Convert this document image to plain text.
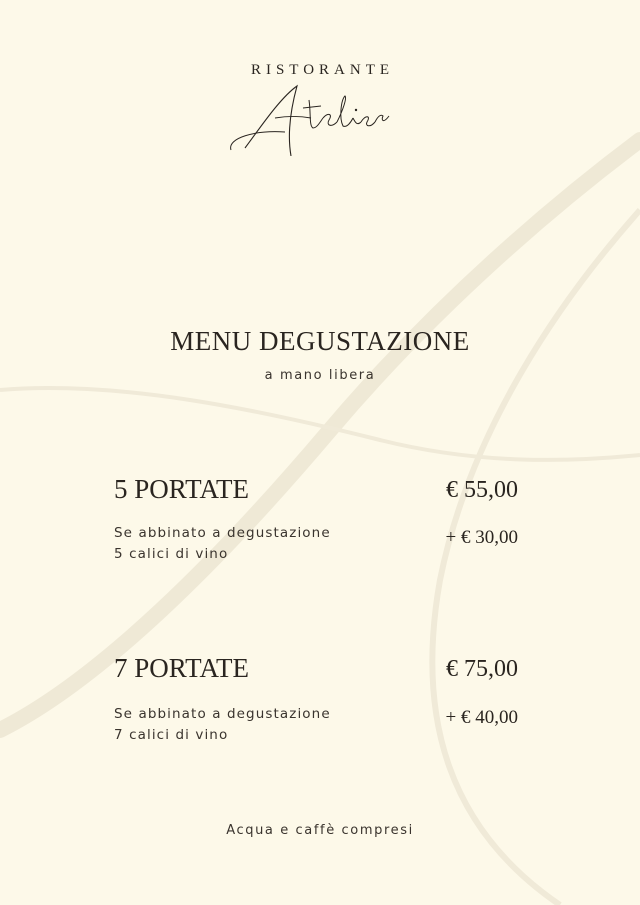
RISTORANTE
MENU DEGUSTAZIONE
a mano libera
5 PORTATE	€ 55,00
Se abbinato a degustazione
5 calici di vino
+ € 30,00
7 PORTATE	€ 75,00
Se abbinato a degustazione
7 calici di vino
+ € 40,00
Acqua e caffè compresi
